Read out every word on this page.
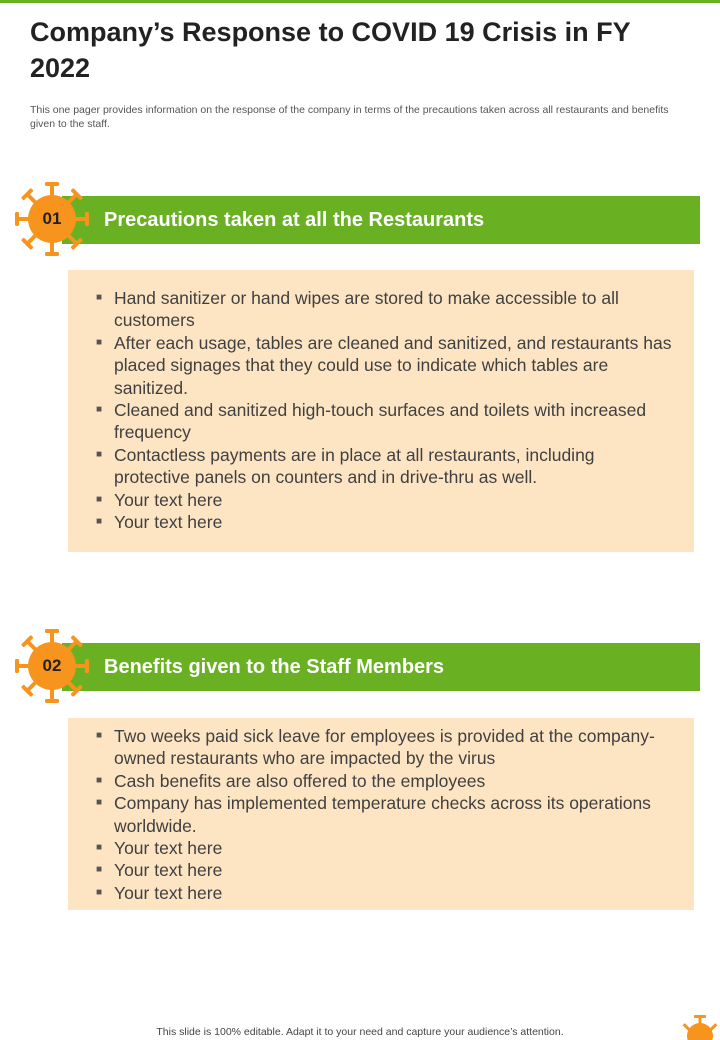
Company’s Response to COVID 19 Crisis in FY 2022
This one pager provides information on the response of the company in terms of the precautions taken across all restaurants and benefits given to the staff.
Precautions taken at all the Restaurants
01
■ Hand sanitizer or hand wipes are stored to make accessible to all customers
■ After each usage, tables are cleaned and sanitized, and restaurants has placed signages that they could use to indicate which tables are sanitized.
■ Cleaned and sanitized high-touch surfaces and toilets with increased frequency
■ Contactless payments are in place at all restaurants, including protective panels on counters and in drive-thru as well.
■ Your text here
■ Your text here
Benefits given to the Staff Members
02
■ Two weeks paid sick leave for employees is provided at the company-owned restaurants who are impacted by the virus
■ Cash benefits are also offered to the employees
■ Company has implemented temperature checks across its operations worldwide.
■ Your text here
■ Your text here
■ Your text here
This slide is 100% editable. Adapt it to your need and capture your audience’s attention.
